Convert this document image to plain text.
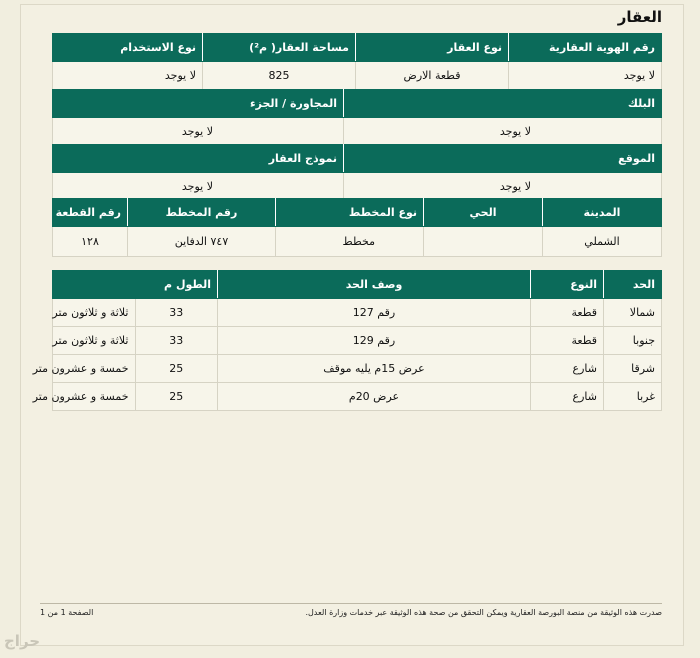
العقار
رقم الهوية العقارية	نوع العقار	مساحة العقار( م²)	نوع الاستخدام
لا يوجد	قطعة الارض	825	لا يوجد
البلك	المجاورة / الجزء
لا يوجد	لا يوجد
الموقع	نموذج العقار
لا يوجد	لا يوجد
المدينة	الحي	نوع المخطط	رقم المخطط	رقم القطعة
الشملي		مخطط	٧٤٧ الدفاين	١٢٨
الحد	النوع	وصف الحد	الطول م	
شمالا	قطعة	رقم 127	33	ثلاثة و ثلاثون متر
جنوبا	قطعة	رقم 129	33	ثلاثة و ثلاثون متر
شرقا	شارع	عرض 15م يليه موقف	25	خمسة و عشرون متر
غربا	شارع	عرض 20م	25	خمسة و عشرون متر
صدرت هذه الوثيقة من منصة البورصة العقارية ويمكن التحقق من صحة هذه الوثيقة عبر خدمات وزارة العدل.
الصفحة 1 من 1
حراج
